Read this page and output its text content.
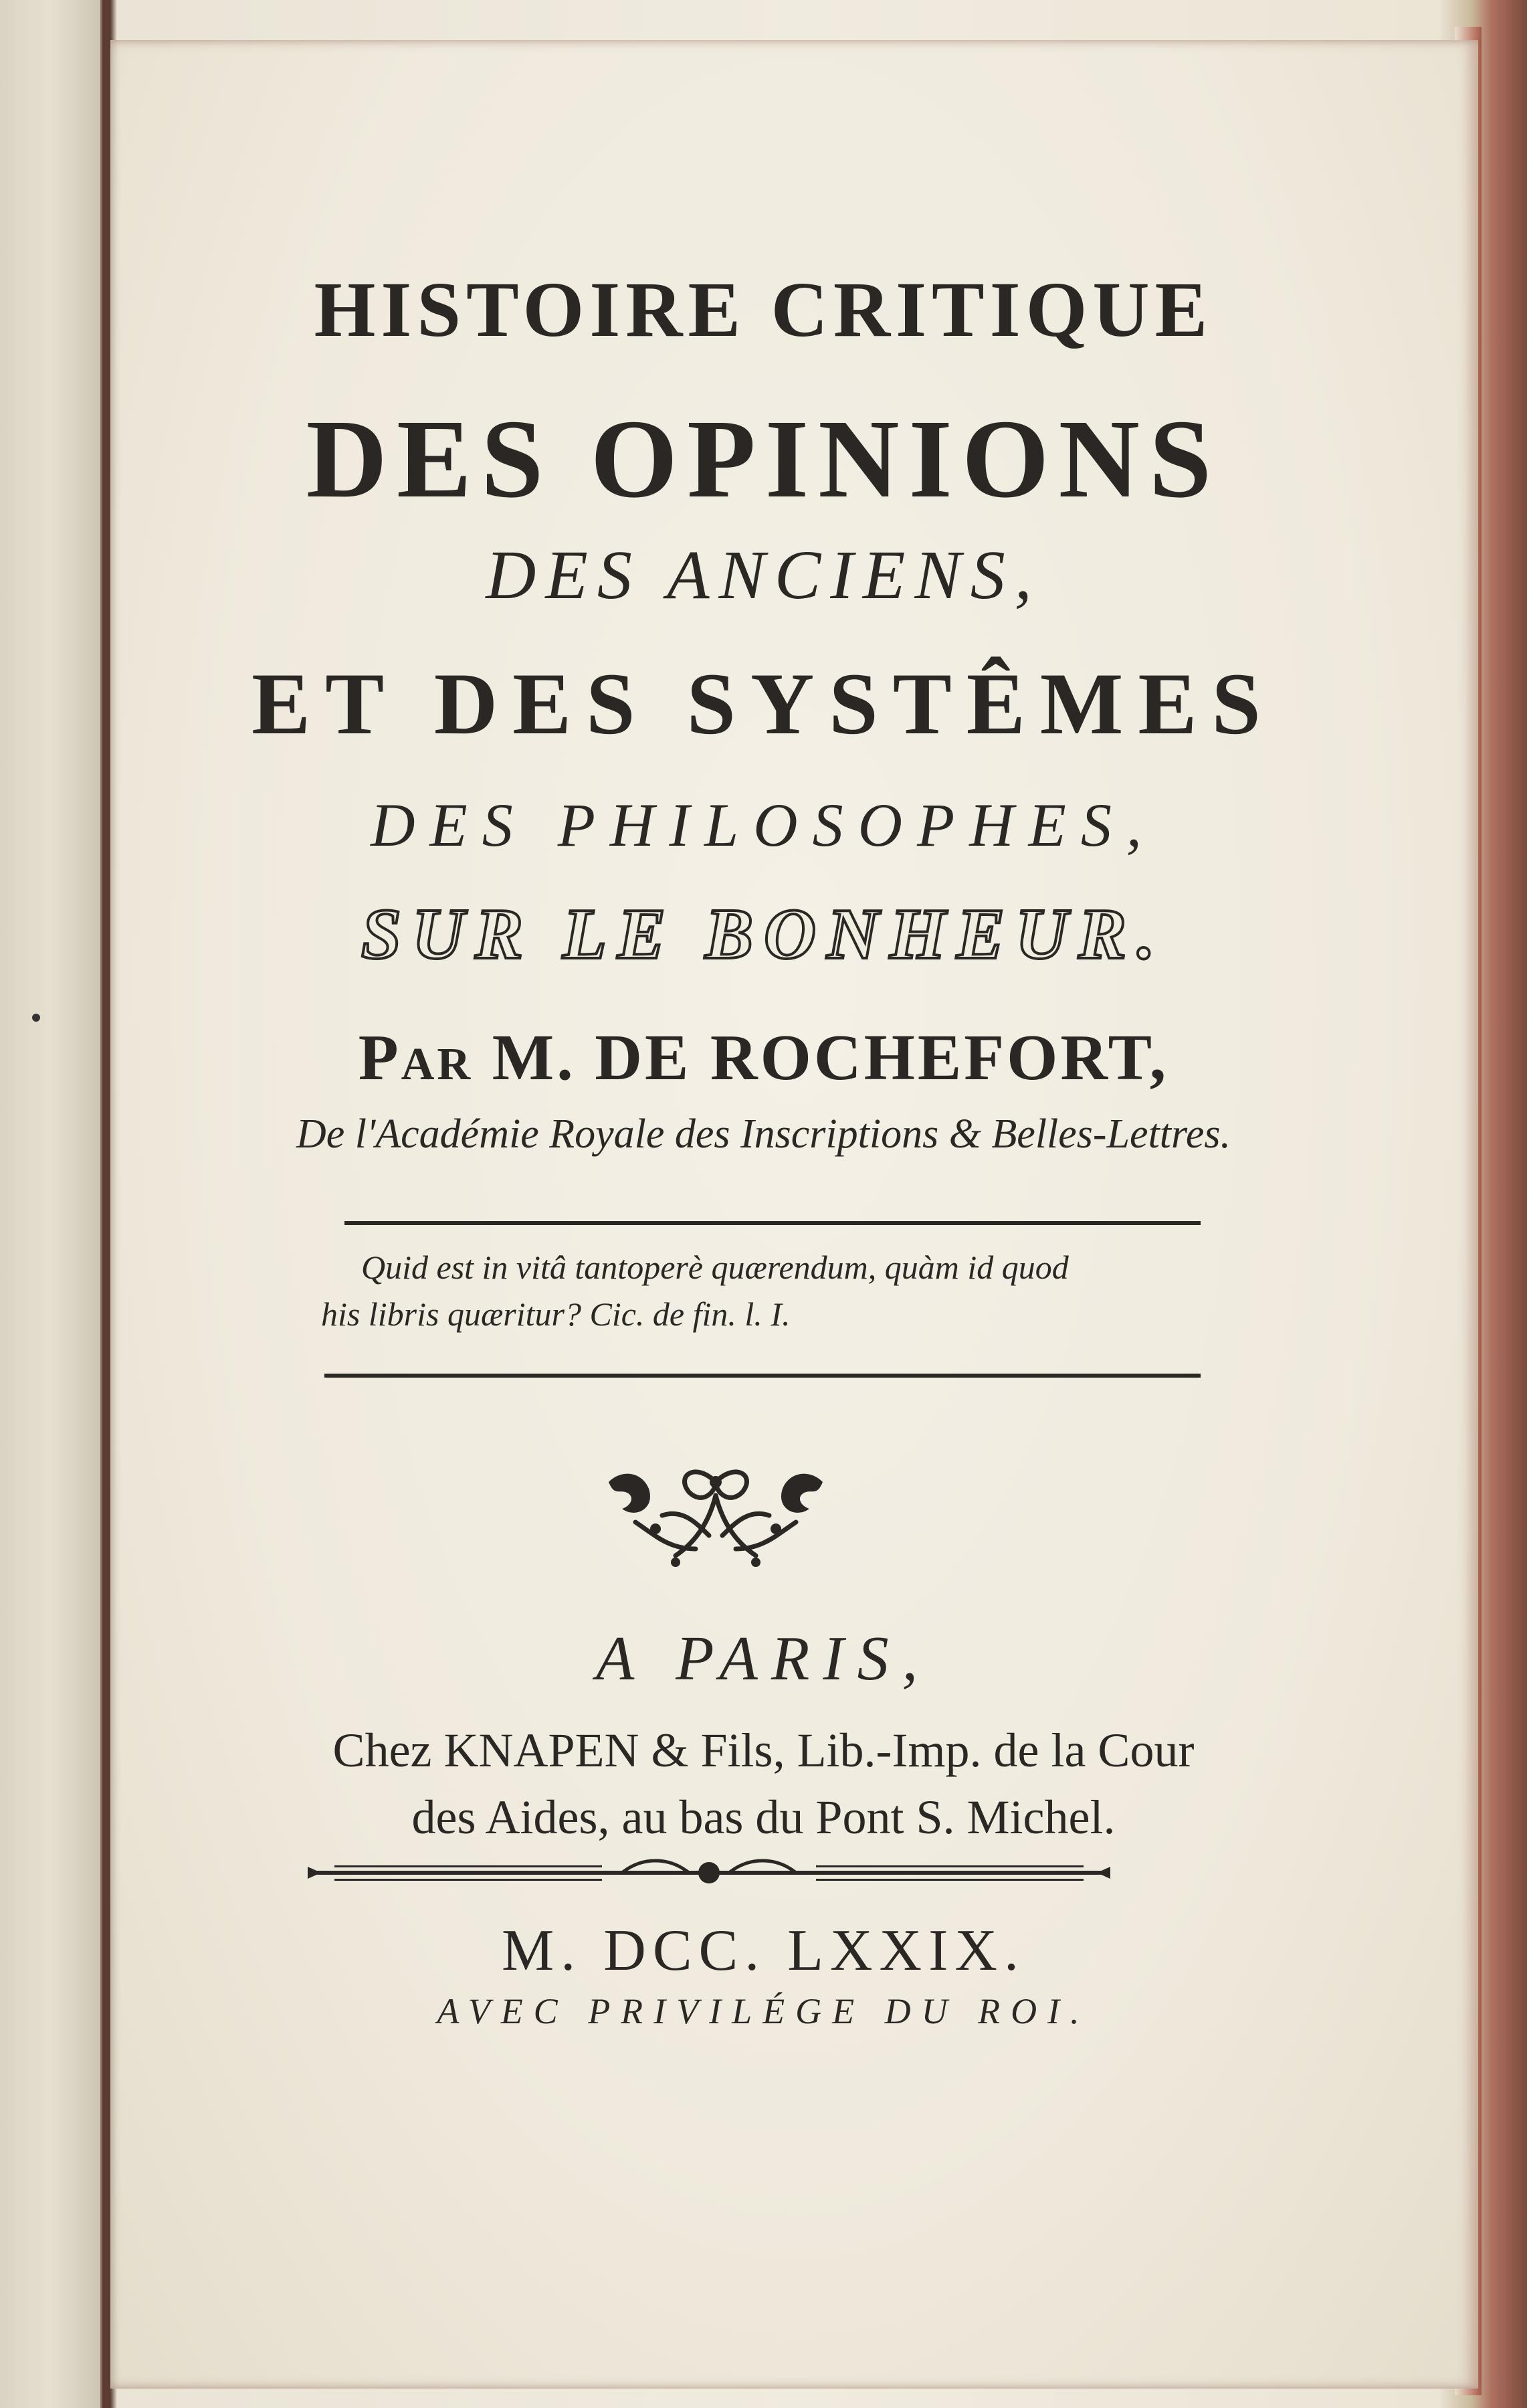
HISTOIRE CRITIQUE
DES OPINIONS
DES ANCIENS,
ET DES SYSTÊMES
DES PHILOSOPHES,
SUR LE BONHEUR.
Par M. DE ROCHEFORT,
De l'Académie Royale des Inscriptions & Belles-Lettres.
Quid est in vitâ tantoperè quærendum, quàm id quod
his libris quæritur? Cic. de fin. l. I.
A PARIS,
Chez KNAPEN & Fils, Lib.-Imp. de la Cour
des Aides, au bas du Pont S. Michel.
M. DCC. LXXIX.
AVEC PRIVILÉGE DU ROI.
